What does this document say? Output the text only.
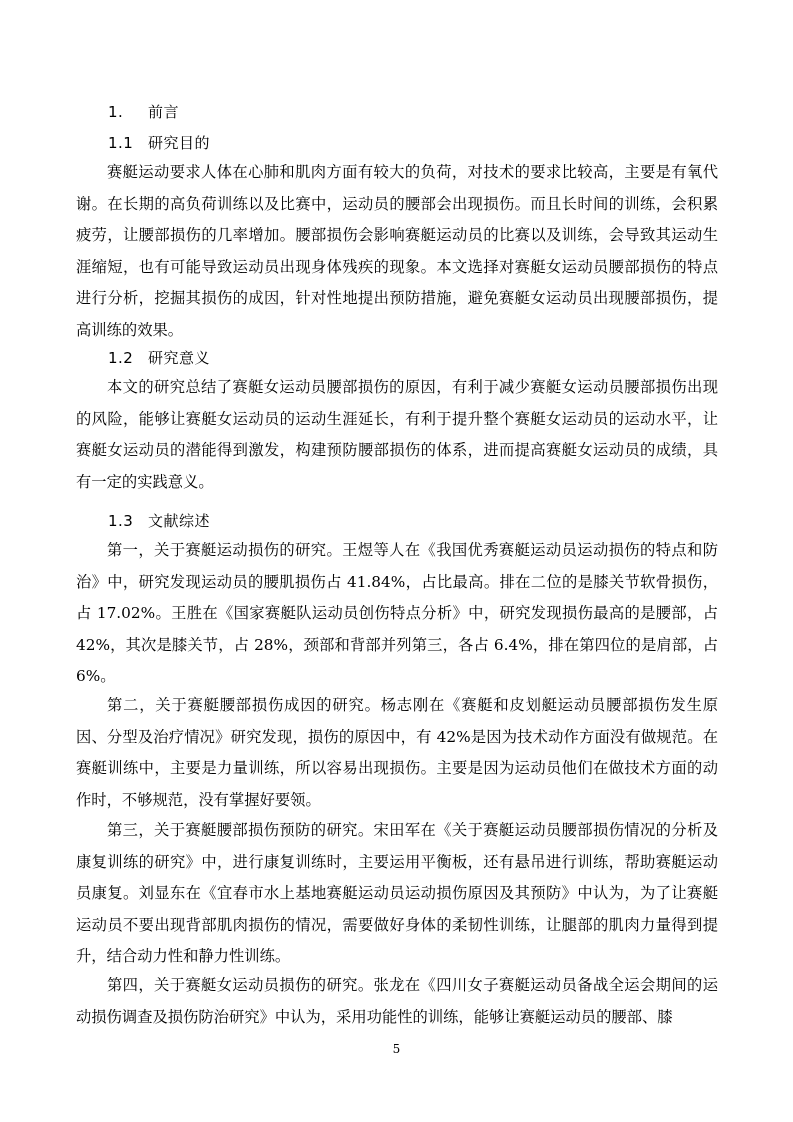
1. 前言
1.1 研究目的

赛艇运动要求人体在心肺和肌肉方面有较大的负荷，对技术的要求比较高，主要是有氧代谢。在长期的高负荷训练以及比赛中，运动员的腰部会出现损伤。而且长时间的训练，会积累疲劳，让腰部损伤的几率增加。腰部损伤会影响赛艇运动员的比赛以及训练，会导致其运动生涯缩短，也有可能导致运动员出现身体残疾的现象。本文选择对赛艇女运动员腰部损伤的特点进行分析，挖掘其损伤的成因，针对性地提出预防措施，避免赛艇女运动员出现腰部损伤，提高训练的效果。

1.2 研究意义

本文的研究总结了赛艇女运动员腰部损伤的原因，有利于减少赛艇女运动员腰部损伤出现的风险，能够让赛艇女运动员的运动生涯延长，有利于提升整个赛艇女运动员的运动水平，让赛艇女运动员的潜能得到激发，构建预防腰部损伤的体系，进而提高赛艇女运动员的成绩，具有一定的实践意义。

1.3 文献综述

第一，关于赛艇运动损伤的研究。王煜等人在《我国优秀赛艇运动员运动损伤的特点和防治》中，研究发现运动员的腰肌损伤占 41.84%，占比最高。排在二位的是膝关节软骨损伤，占 17.02%。王胜在《国家赛艇队运动员创伤特点分析》中，研究发现损伤最高的是腰部，占 42%，其次是膝关节，占 28%，颈部和背部并列第三，各占 6.4%，排在第四位的是肩部，占 6%。

第二，关于赛艇腰部损伤成因的研究。杨志刚在《赛艇和皮划艇运动员腰部损伤发生原因、分型及治疗情况》研究发现，损伤的原因中，有 42%是因为技术动作方面没有做规范。在赛艇训练中，主要是力量训练，所以容易出现损伤。主要是因为运动员他们在做技术方面的动作时，不够规范，没有掌握好要领。

第三，关于赛艇腰部损伤预防的研究。宋田军在《关于赛艇运动员腰部损伤情况的分析及康复训练的研究》中，进行康复训练时，主要运用平衡板，还有悬吊进行训练，帮助赛艇运动员康复。刘显东在《宜春市水上基地赛艇运动员运动损伤原因及其预防》中认为，为了让赛艇运动员不要出现背部肌肉损伤的情况，需要做好身体的柔韧性训练，让腿部的肌肉力量得到提升，结合动力性和静力性训练。

第四，关于赛艇女运动员损伤的研究。张龙在《四川女子赛艇运动员备战全运会期间的运动损伤调查及损伤防治研究》中认为，采用功能性的训练，能够让赛艇运动员的腰部、膝

5
